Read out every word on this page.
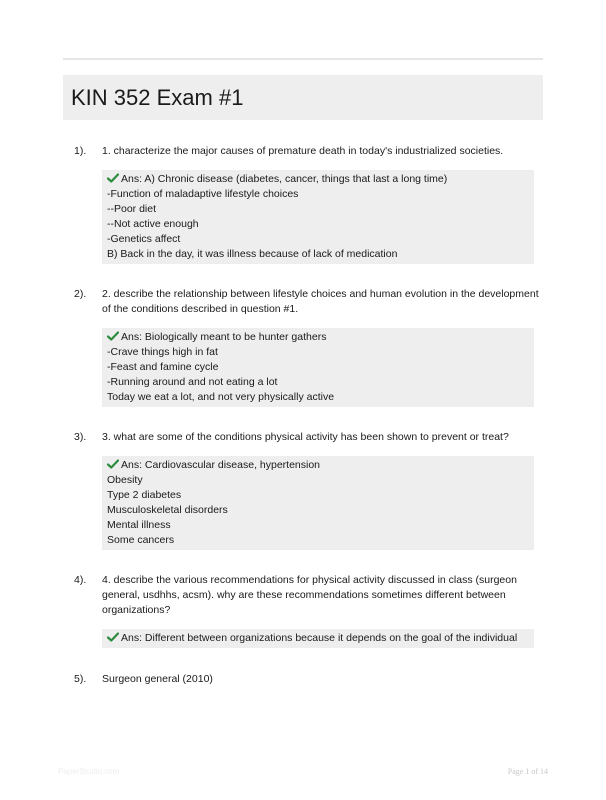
KIN 352 Exam #1
1).	1. characterize the major causes of premature death in today's industrialized societies.
Ans: A) Chronic disease (diabetes, cancer, things that last a long time)
-Function of maladaptive lifestyle choices
--Poor diet
--Not active enough
-Genetics affect
B) Back in the day, it was illness because of lack of medication
2).	2. describe the relationship between lifestyle choices and human evolution in the development of the conditions described in question #1.
Ans: Biologically meant to be hunter gathers
-Crave things high in fat
-Feast and famine cycle
-Running around and not eating a lot
Today we eat a lot, and not very physically active
3).	3. what are some of the conditions physical activity has been shown to prevent or treat?
Ans: Cardiovascular disease, hypertension
Obesity
Type 2 diabetes
Musculoskeletal disorders
Mental illness
Some cancers
4).	4. describe the various recommendations for physical activity discussed in class (surgeon general, usdhhs, acsm). why are these recommendations sometimes different between organizations?
Ans: Different between organizations because it depends on the goal of the individual
5).	Surgeon general (2010)
PaperStudio.com	Page 1 of 14
